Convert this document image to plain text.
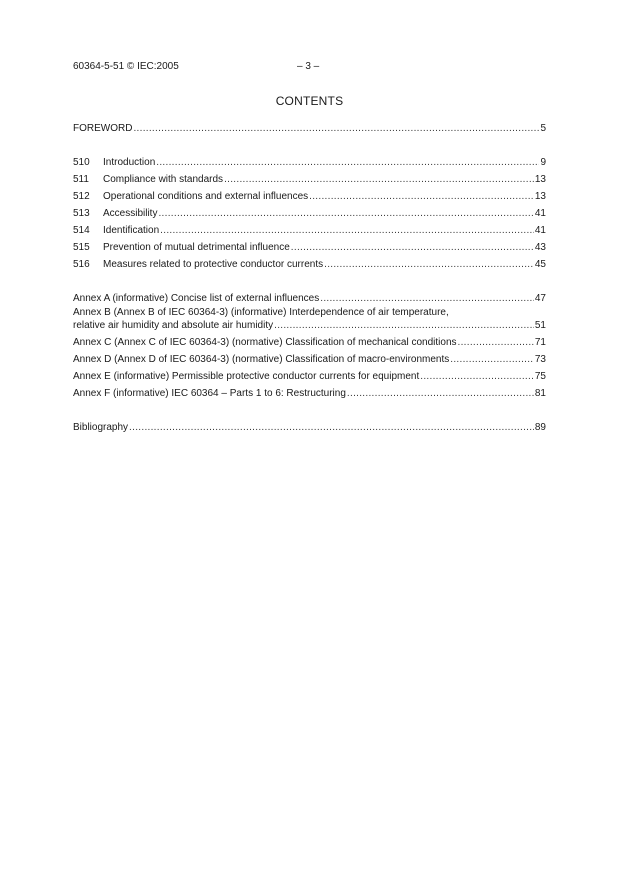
60364-5-51 © IEC:2005	– 3 –
CONTENTS
FOREWORD .....	5
510	Introduction .....	9
511	Compliance with standards .....	13
512	Operational conditions and external influences .....	13
513	Accessibility .....	41
514	Identification .....	41
515	Prevention of mutual detrimental influence .....	43
516	Measures related to protective conductor currents .....	45
Annex A (informative) Concise list of external influences .....	47
Annex B (Annex B of IEC 60364-3) (informative) Interdependence of air temperature,
relative air humidity and absolute air humidity .....	51
Annex C (Annex C of IEC 60364-3) (normative) Classification of mechanical conditions .....	71
Annex D (Annex D of IEC 60364-3) (normative) Classification of macro-environments .....	73
Annex E (informative) Permissible protective conductor currents for equipment .....	75
Annex F (informative) IEC 60364 – Parts 1 to 6: Restructuring .....	81
Bibliography .....	89
